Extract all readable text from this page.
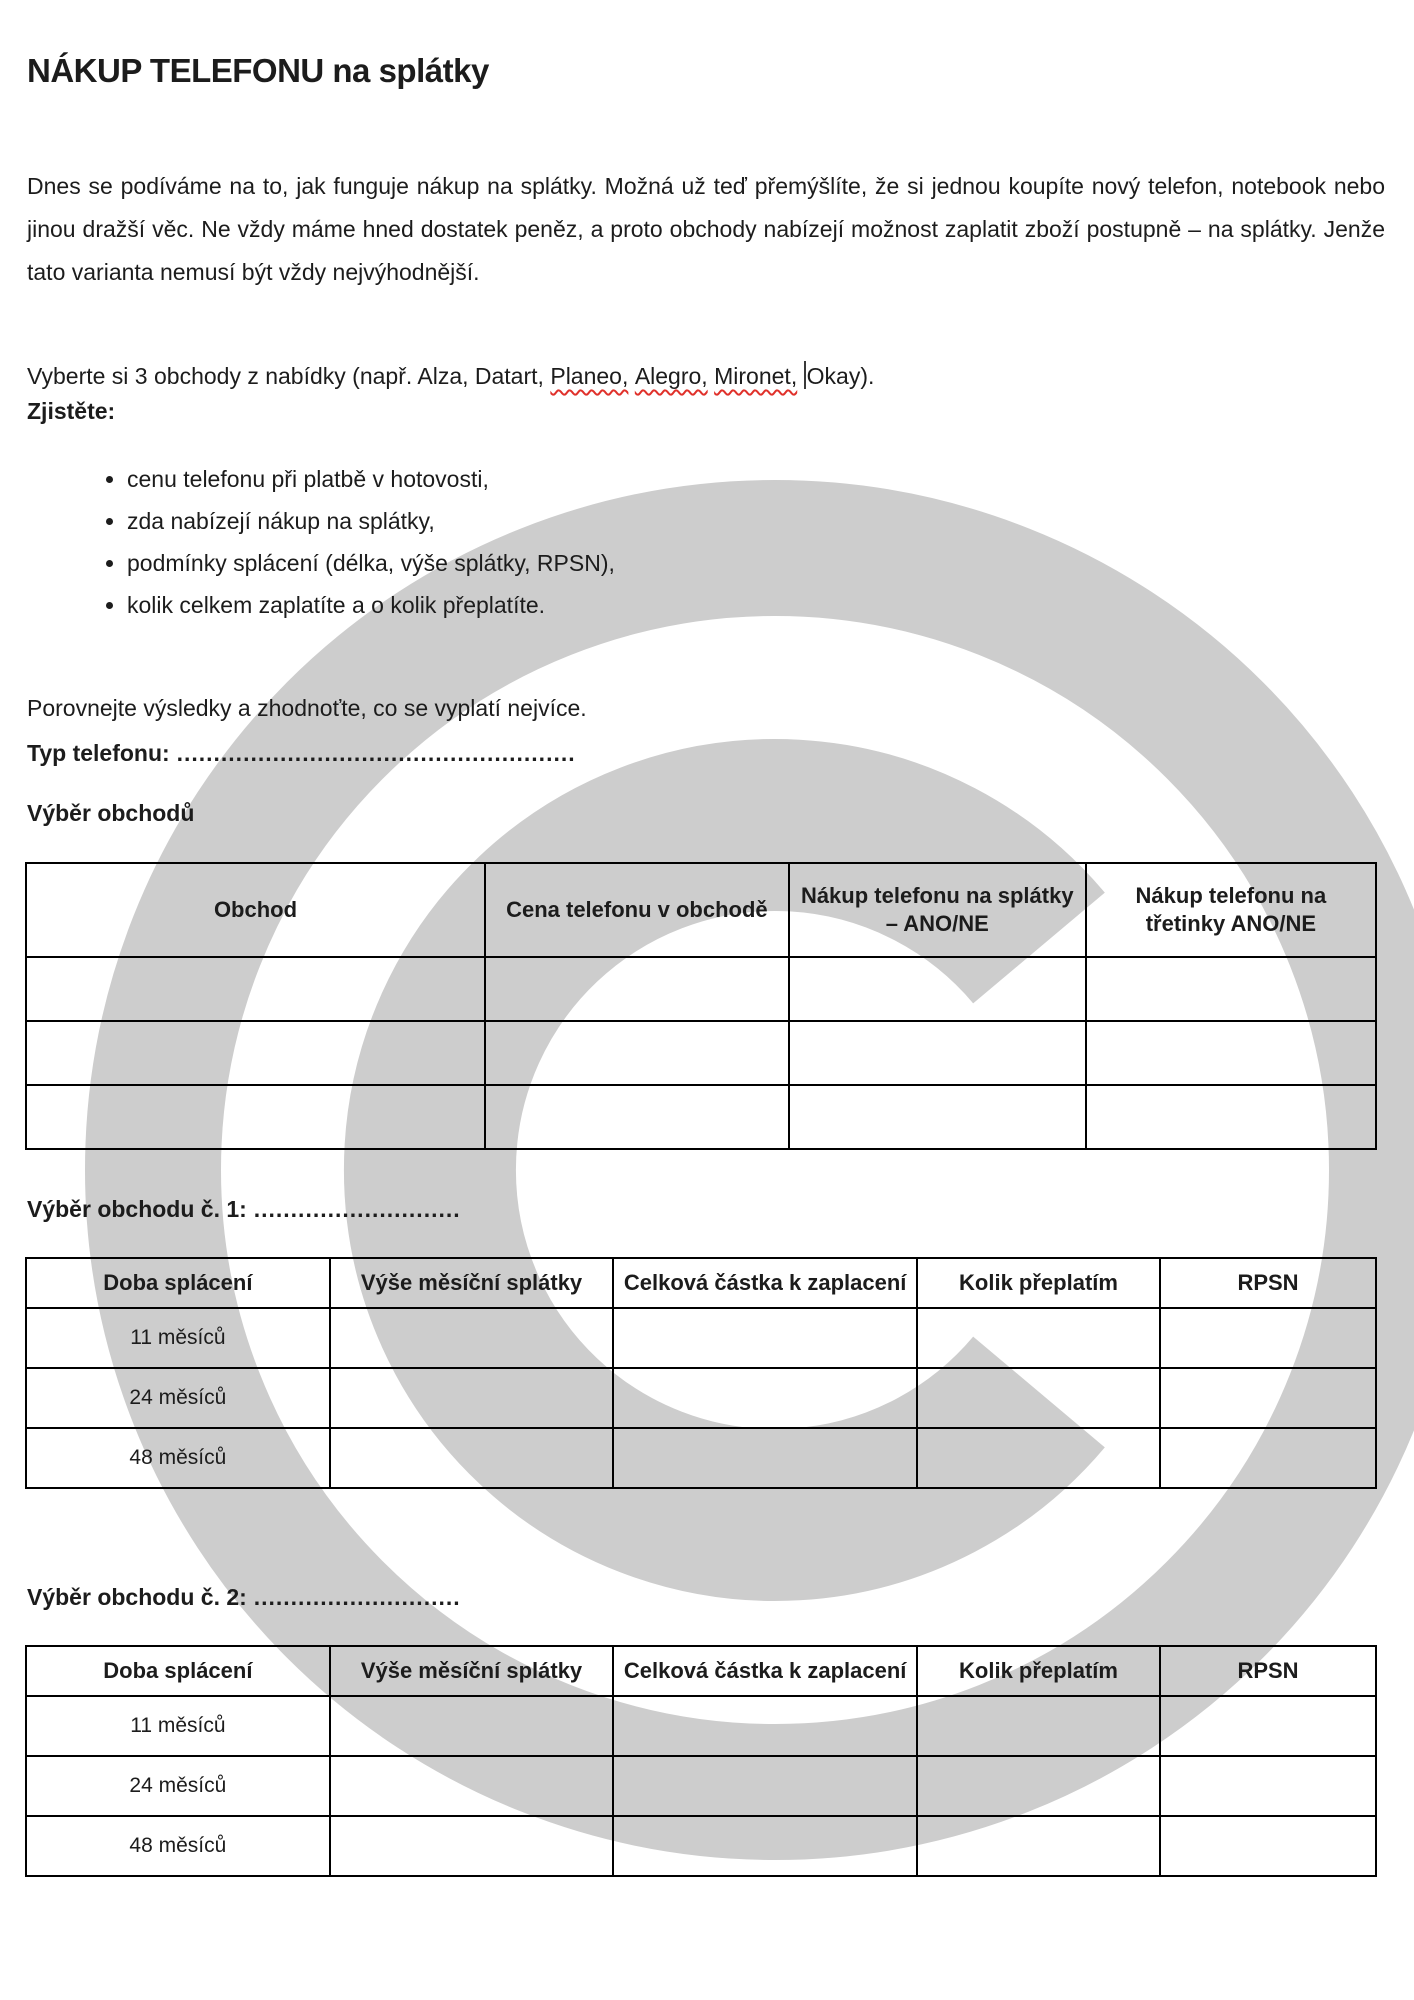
NÁKUP TELEFONU na splátky

Dnes se podíváme na to, jak funguje nákup na splátky. Možná už teď přemýšlíte, že si jednou koupíte nový telefon, notebook nebo jinou dražší věc. Ne vždy máme hned dostatek peněz, a proto obchody nabízejí možnost zaplatit zboží postupně – na splátky. Jenže tato varianta nemusí být vždy nejvýhodnější.

Vyberte si 3 obchody z nabídky (např. Alza, Datart, Planeo, Alegro, Mironet, Okay).

Zjistěte:
• cenu telefonu při platbě v hotovosti,
• zda nabízejí nákup na splátky,
• podmínky splácení (délka, výše splátky, RPSN),
• kolik celkem zaplatíte a o kolik přeplatíte.

Porovnejte výsledky a zhodnoťte, co se vyplatí nejvíce.

Typ telefonu: ......................................................
Výběr obchodů
Obchod	Cena telefonu v obchodě	Nákup telefonu na splátky – ANO/NE	Nákup telefonu na třetinky ANO/NE

Výběr obchodu č. 1: ............................
Doba splácení	Výše měsíční splátky	Celková částka k zaplacení	Kolik přeplatím	RPSN
11 měsíců				
24 měsíců				
48 měsíců				
Výběr obchodu č. 2: ............................
Doba splácení	Výše měsíční splátky	Celková částka k zaplacení	Kolik přeplatím	RPSN
11 měsíců				
24 měsíců				
48 měsíců				
